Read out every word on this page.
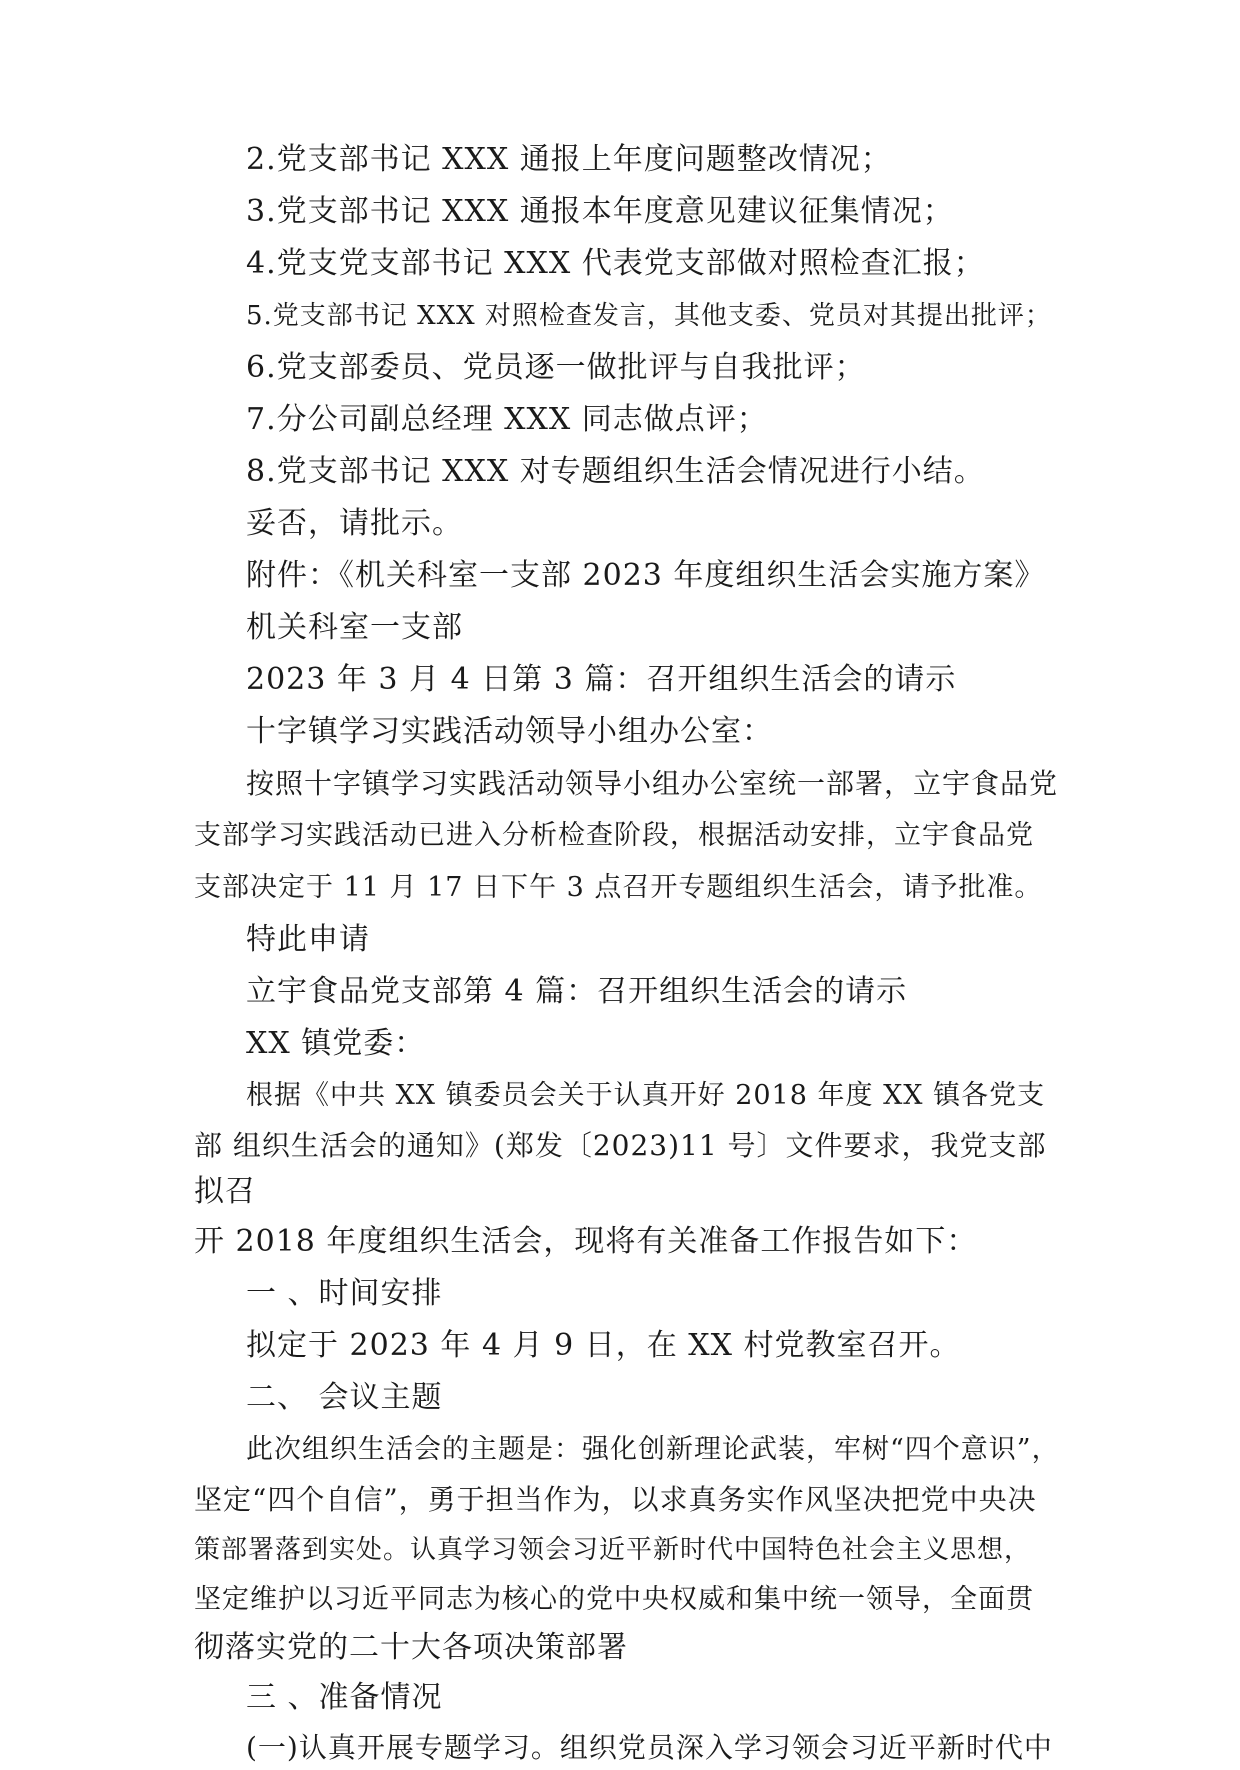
2.党支部书记 XXX 通报上年度问题整改情况；
3.党支部书记 XXX 通报本年度意见建议征集情况；
4.党支党支部书记 XXX 代表党支部做对照检查汇报；
5.党支部书记 XXX 对照检查发言，其他支委、党员对其提出批评；
6.党支部委员、党员逐一做批评与自我批评；
7.分公司副总经理 XXX 同志做点评；
8.党支部书记 XXX 对专题组织生活会情况进行小结。
妥否，请批示。
附件：《机关科室一支部 2023 年度组织生活会实施方案》
机关科室一支部
2023 年 3 月 4 日第 3 篇：召开组织生活会的请示
十字镇学习实践活动领导小组办公室：
按照十字镇学习实践活动领导小组办公室统一部署，立宇食品党
支部学习实践活动已进入分析检查阶段，根据活动安排，立宇食品党
支部决定于 11 月 17 日下午 3 点召开专题组织生活会，请予批准。
特此申请
立宇食品党支部第 4 篇：召开组织生活会的请示
XX 镇党委：
根据《中共 XX 镇委员会关于认真开好 2018 年度 XX 镇各党支
部 组织生活会的通知》(郑发〔2023)11 号〕文件要求，我党支部
拟召
开 2018 年度组织生活会，现将有关准备工作报告如下：
一 、时间安排
拟定于 2023 年 4 月 9 日，在 XX 村党教室召开。
二、 会议主题
此次组织生活会的主题是：强化创新理论武装，牢树“四个意识”，
坚定“四个自信”，勇于担当作为，以求真务实作风坚决把党中央决
策部署落到实处。认真学习领会习近平新时代中国特色社会主义思想，
坚定维护以习近平同志为核心的党中央权威和集中统一领导，全面贯
彻落实党的二十大各项决策部署
三 、准备情况
(一)认真开展专题学习。组织党员深入学习领会习近平新时代中
